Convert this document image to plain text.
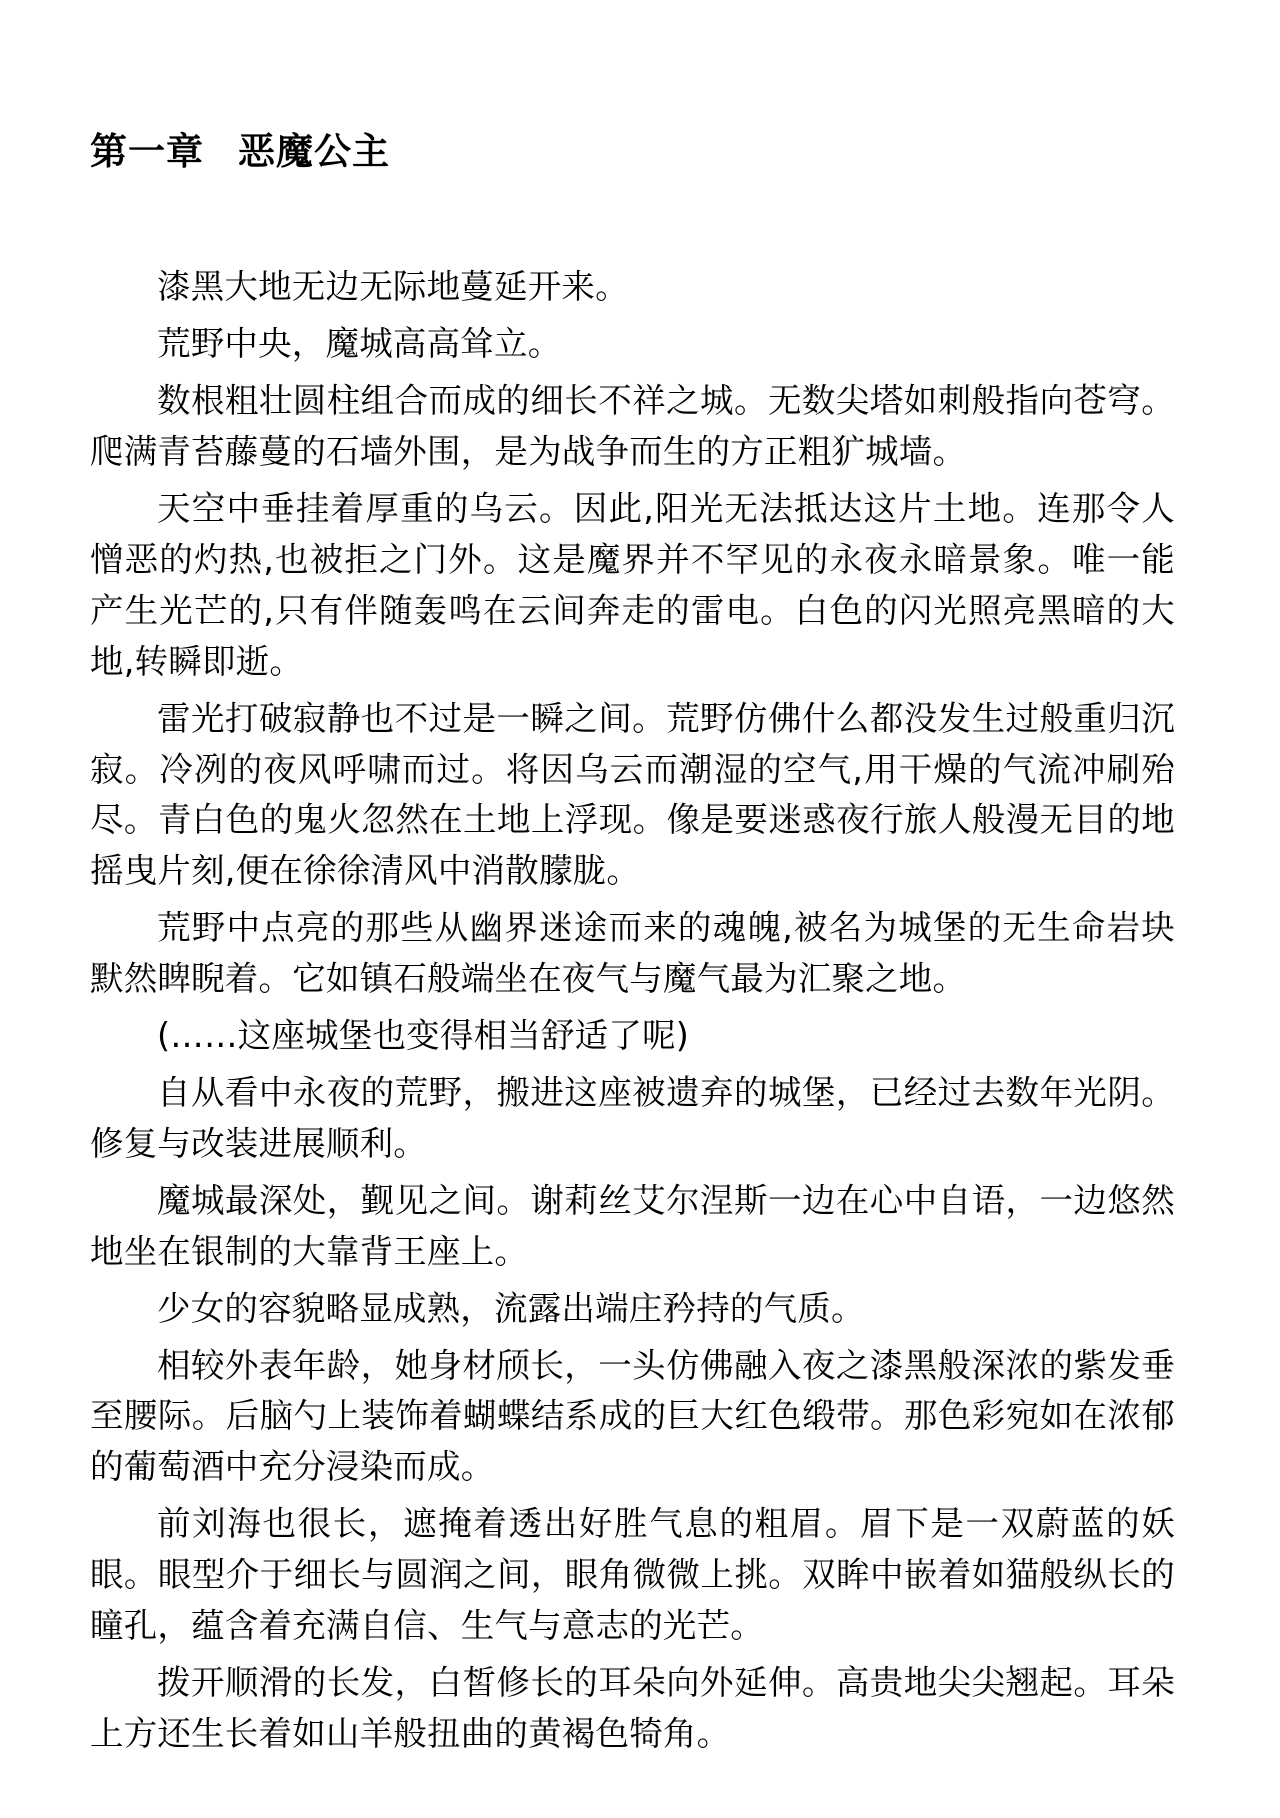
第一章 恶魔公主

漆黑大地无边无际地蔓延开来。

荒野中央，魔城高高耸立。

数根粗壮圆柱组合而成的细长不祥之城。无数尖塔如刺般指向苍穹。爬满青苔藤蔓的石墙外围，是为战争而生的方正粗犷城墙。

天空中垂挂着厚重的乌云。因此,阳光无法抵达这片土地。连那令人憎恶的灼热,也被拒之门外。这是魔界并不罕见的永夜永暗景象。唯一能产生光芒的,只有伴随轰鸣在云间奔走的雷电。白色的闪光照亮黑暗的大地,转瞬即逝。

雷光打破寂静也不过是一瞬之间。荒野仿佛什么都没发生过般重归沉寂。冷冽的夜风呼啸而过。将因乌云而潮湿的空气,用干燥的气流冲刷殆尽。青白色的鬼火忽然在土地上浮现。像是要迷惑夜行旅人般漫无目的地摇曳片刻,便在徐徐清风中消散朦胧。

荒野中点亮的那些从幽界迷途而来的魂魄,被名为城堡的无生命岩块默然睥睨着。它如镇石般端坐在夜气与魔气最为汇聚之地。

(……这座城堡也变得相当舒适了呢)

自从看中永夜的荒野，搬进这座被遗弃的城堡，已经过去数年光阴。修复与改装进展顺利。

魔城最深处，觐见之间。谢莉丝艾尔涅斯一边在心中自语，一边悠然地坐在银制的大靠背王座上。

少女的容貌略显成熟，流露出端庄矜持的气质。

相较外表年龄，她身材颀长，一头仿佛融入夜之漆黑般深浓的紫发垂至腰际。后脑勺上装饰着蝴蝶结系成的巨大红色缎带。那色彩宛如在浓郁的葡萄酒中充分浸染而成。

前刘海也很长，遮掩着透出好胜气息的粗眉。眉下是一双蔚蓝的妖眼。眼型介于细长与圆润之间，眼角微微上挑。双眸中嵌着如猫般纵长的瞳孔，蕴含着充满自信、生气与意志的光芒。

拨开顺滑的长发，白皙修长的耳朵向外延伸。高贵地尖尖翘起。耳朵上方还生长着如山羊般扭曲的黄褐色犄角。
